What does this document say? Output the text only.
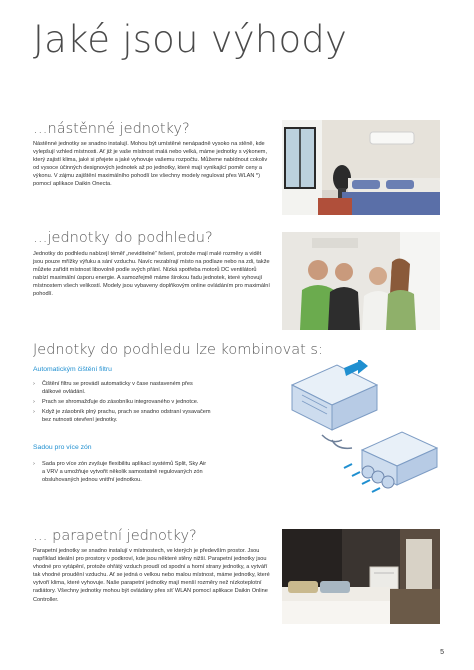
Jaké jsou výhody
…nástěnné jednotky?

Nástěnné jednotky se snadno instalují. Mohou být umístěné nenápadně vysoko na stěně, kde vylepšují vzhled místnosti. Ať již je vaše místnost malá nebo velká, máme jednotky s výkonem, který zajistí klima, jaké si přejete a jaké vyhovuje vašemu rozpočtu. Můžeme nabídnout cokoliv od vysoce účinných designových jednotek až po jednotky, které mají vynikající poměr ceny a výkonu. V zájmu zajištění maximálního pohodlí lze všechny modely regulovat přes WLAN *) pomocí aplikace Daikin Onecta.

…jednotky do podhledu?

Jednotky do podhledu nabízejí téměř „neviditelné“ řešení, protože mají malé rozměry a vidět jsou pouze mřížky výfuku a sání vzduchu. Navíc nezabírají místo na podlaze nebo na zdi, takže můžete zařídit místnost libovolně podle svých přání. Nízká spotřeba motorů DC ventilátorů nabízí maximální úsporu energie. A samozřejmě máme širokou řadu jednotek, které vyhovují místnostem všech velikostí. Modely jsou vybaveny doplňkovým online ovládáním pro maximální pohodlí.

Jednotky do podhledu lze kombinovat s:
Automatickým čištění filtru
› Čištění filtru se provádí automaticky v čase nastaveném přes dálkové ovládání.
› Prach se shromažďuje do zásobníku integrovaného v jednotce.
› Když je zásobník plný prachu, prach se snadno odstraní vysavačem bez nutnosti otevření jednotky.
Sadou pro více zón
› Sada pro více zón zvyšuje flexibilitu aplikací systémů Split, Sky Air a VRV a umožňuje vytvořit několik samostatně regulovaných zón obsluhovaných jednou vnitřní jednotkou.
… parapetní jednotky?

Parapetní jednotky se snadno instalují v místnostech, ve kterých je především prostor. Jsou například ideální pro prostory v podkroví, kde jsou některé stěny nižší. Parapetní jednotky jsou vhodné pro vytápění, protože ohřátý vzduch proudí od spodní a horní strany jednotky, a vytváří tak vhodné proudění vzduchu. Ať se jedná o velkou nebo malou místnost, máme jednotky, které vytvoří klima, které vyhovuje. Naše parapetní jednotky mají menší rozměry než nízkoteplotní radiátory. Všechny jednotky mohou být ovládány přes síť WLAN pomocí aplikace Daikin Online Controller.

5
